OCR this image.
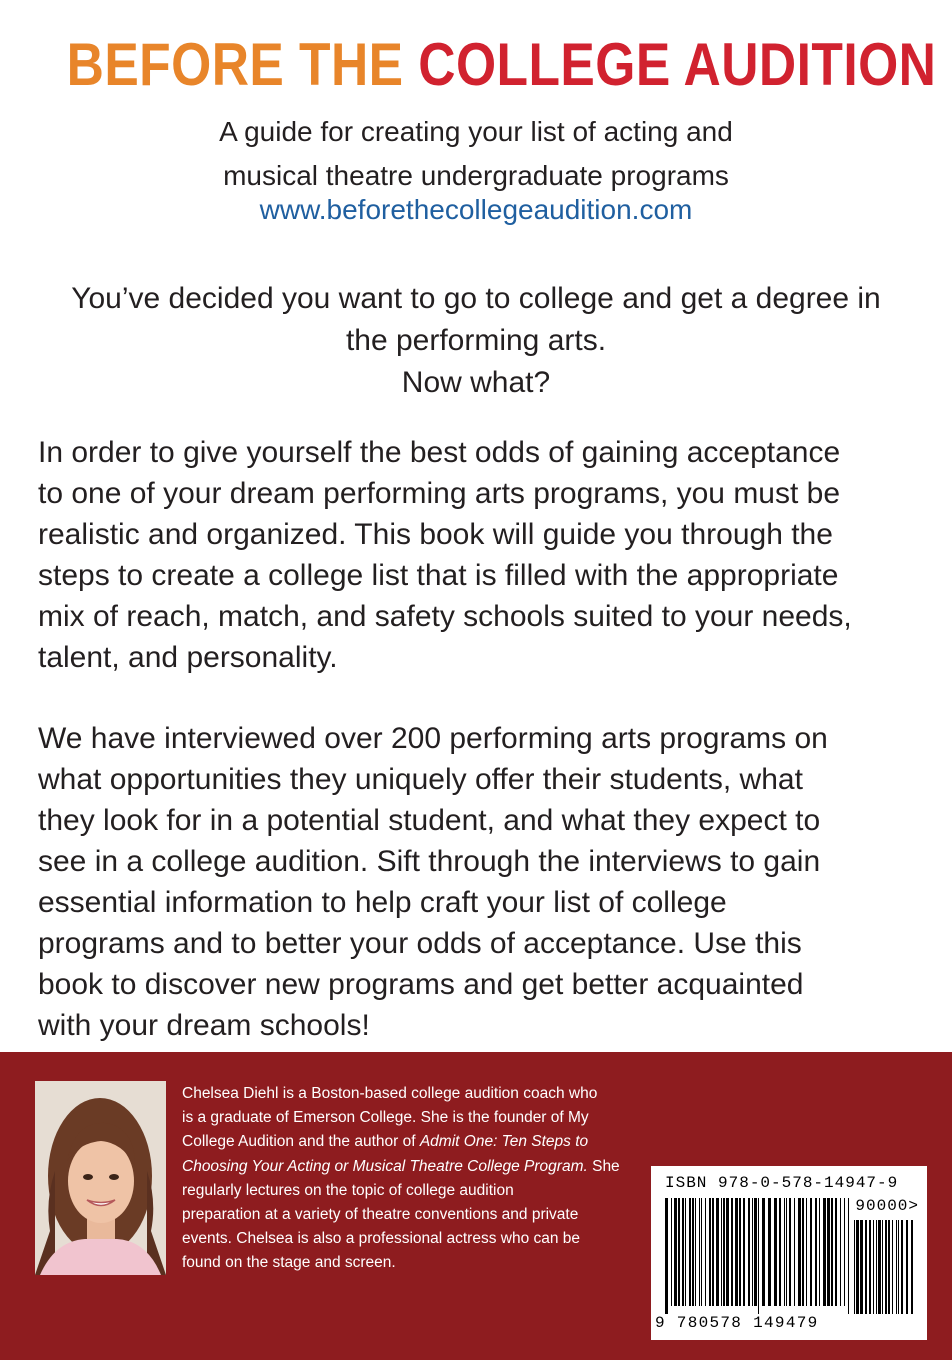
BEFORE THE COLLEGE AUDITION
A guide for creating your list of acting and
musical theatre undergraduate programs
www.beforethecollegeaudition.com
You’ve decided you want to go to college and get a degree in
the performing arts.
Now what?
In order to give yourself the best odds of gaining acceptance
to one of your dream performing arts programs, you must be
realistic and organized. This book will guide you through the
steps to create a college list that is filled with the appropriate
mix of reach, match, and safety schools suited to your needs,
talent, and personality.
We have interviewed over 200 performing arts programs on
what opportunities they uniquely offer their students, what
they look for in a potential student, and what they expect to
see in a college audition. Sift through the interviews to gain
essential information to help craft your list of college
programs and to better your odds of acceptance. Use this
book to discover new programs and get better acquainted
with your dream schools!
Chelsea Diehl is a Boston-based college audition coach who
is a graduate of Emerson College. She is the founder of My
College Audition and the author of Admit One: Ten Steps to
Choosing Your Acting or Musical Theatre College Program. She
regularly lectures on the topic of college audition
preparation at a variety of theatre conventions and private
events. Chelsea is also a professional actress who can be
found on the stage and screen.
ISBN 978-0-578-14947-9
90000>
9 780578 149479
